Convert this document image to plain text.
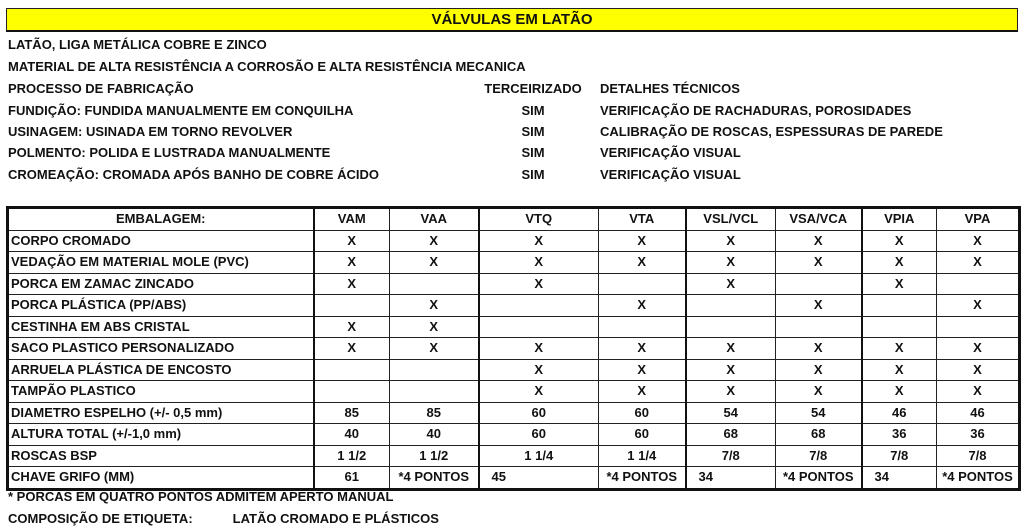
VÁLVULAS EM LATÃO
LATÃO, LIGA METÁLICA COBRE E ZINCO
MATERIAL DE ALTA RESISTÊNCIA A CORROSÃO E ALTA RESISTÊNCIA MECANICA
PROCESSO DE FABRICAÇÃO	TERCEIRIZADO	DETALHES TÉCNICOS
FUNDIÇÃO: FUNDIDA MANUALMENTE EM CONQUILHA	SIM	VERIFICAÇÃO DE RACHADURAS, POROSIDADES
USINAGEM: USINADA EM TORNO REVOLVER	SIM	CALIBRAÇÃO DE ROSCAS, ESPESSURAS DE PAREDE
POLMENTO: POLIDA E LUSTRADA MANUALMENTE	SIM	VERIFICAÇÃO VISUAL
CROMEAÇÃO: CROMADA APÓS BANHO DE COBRE ÁCIDO	SIM	VERIFICAÇÃO VISUAL
EMBALAGEM:	VAM	VAA	VTQ	VTA	VSL/VCL	VSA/VCA	VPIA	VPA
CORPO CROMADO	X	X	X	X	X	X	X	X
VEDAÇÃO EM MATERIAL MOLE (PVC)	X	X	X	X	X	X	X	X
PORCA EM ZAMAC ZINCADO	X		X		X		X	
PORCA PLÁSTICA (PP/ABS)		X		X		X		X
CESTINHA EM ABS CRISTAL	X	X						
SACO PLASTICO PERSONALIZADO	X	X	X	X	X	X	X	X
ARRUELA PLÁSTICA DE ENCOSTO			X	X	X	X	X	X
TAMPÃO PLASTICO			X	X	X	X	X	X
DIAMETRO ESPELHO (+/- 0,5 mm)	85	85	60	60	54	54	46	46
ALTURA TOTAL (+/-1,0 mm)	40	40	60	60	68	68	36	36
ROSCAS BSP	1 1/2	1 1/2	1 1/4	1 1/4	7/8	7/8	7/8	7/8
CHAVE GRIFO (MM)	61	*4 PONTOS	45	*4 PONTOS	34	*4 PONTOS	34	*4 PONTOS
* PORCAS EM QUATRO PONTOS ADMITEM APERTO MANUAL
COMPOSIÇÃO DE ETIQUETA:	LATÃO CROMADO E PLÁSTICOS
